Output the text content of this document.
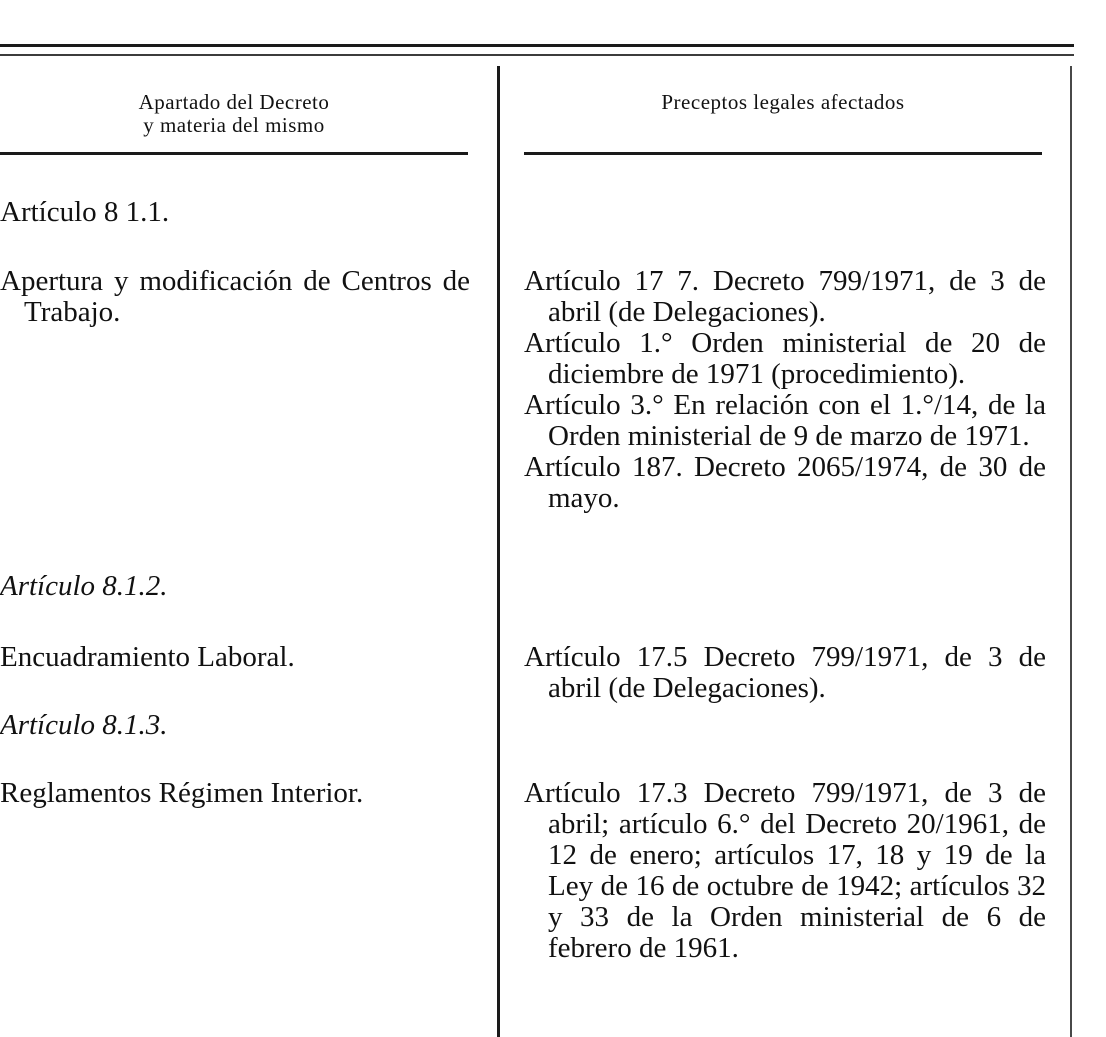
Apartado del Decreto
y materia del mismo
Preceptos legales afectados

Artículo 8 1.1.

Apertura y modificación de Centros de Trabajo.

Artículo 8.1.2.

Encuadramiento Laboral.

Artículo 8.1.3.

Reglamentos Régimen Interior.

Artículo 17 7. Decreto 799/1971, de 3 de abril (de Delegaciones).

Artículo 1.° Orden ministerial de 20 de diciembre de 1971 (procedimiento).

Artículo 3.° En relación con el 1.°/14, de la Orden ministerial de 9 de marzo de 1971.

Artículo 187. Decreto 2065/1974, de 30 de mayo.

Artículo 17.5 Decreto 799/1971, de 3 de abril (de Delegaciones).

Artículo 17.3 Decreto 799/1971, de 3 de abril; artículo 6.° del Decreto 20/1961, de 12 de enero; artículos 17, 18 y 19 de la Ley de 16 de octubre de 1942; artículos 32 y 33 de la Orden ministerial de 6 de febrero de 1961.
